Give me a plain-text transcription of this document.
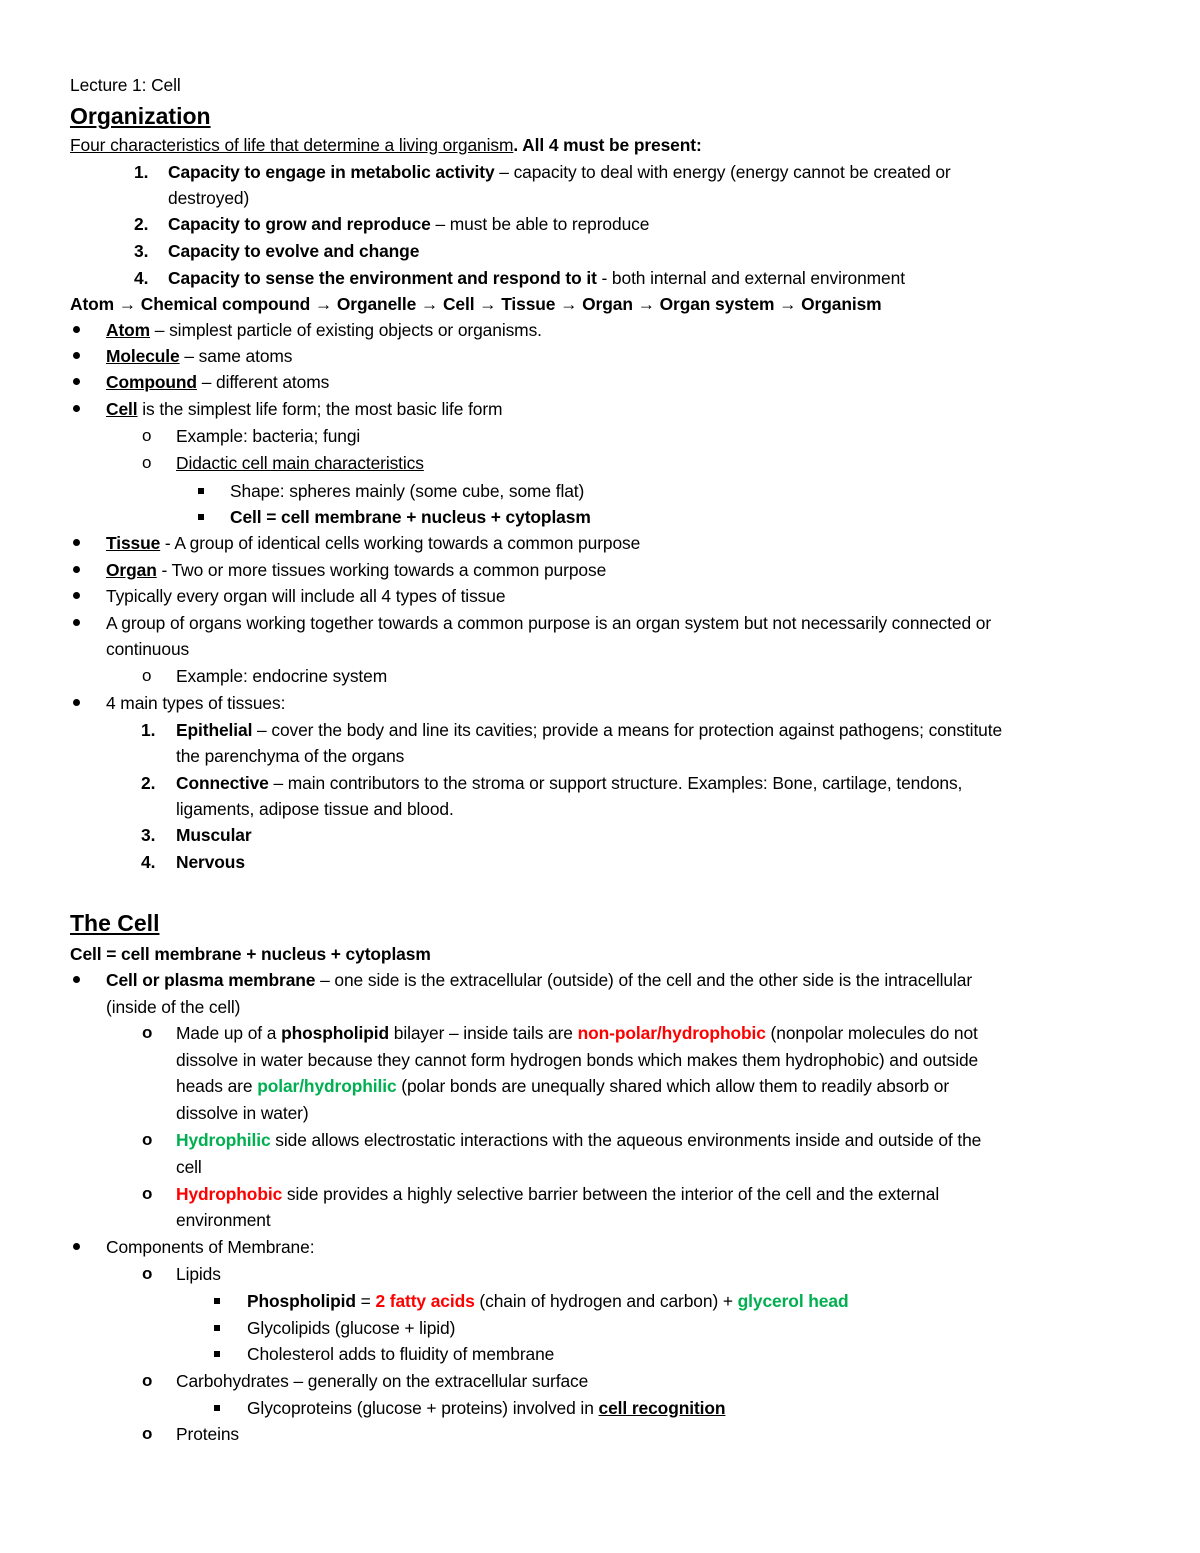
Lecture 1: Cell
Organization
Four characteristics of life that determine a living organism. All 4 must be present:
1. Capacity to engage in metabolic activity – capacity to deal with energy (energy cannot be created or
destroyed)
2. Capacity to grow and reproduce – must be able to reproduce
3. Capacity to evolve and change
4. Capacity to sense the environment and respond to it - both internal and external environment
Atom → Chemical compound → Organelle → Cell → Tissue → Organ → Organ system → Organism
Atom – simplest particle of existing objects or organisms.
Molecule – same atoms
Compound – different atoms
Cell is the simplest life form; the most basic life form
o Example: bacteria; fungi
o Didactic cell main characteristics
Shape: spheres mainly (some cube, some flat)
Cell = cell membrane + nucleus + cytoplasm
Tissue - A group of identical cells working towards a common purpose
Organ - Two or more tissues working towards a common purpose
Typically every organ will include all 4 types of tissue
A group of organs working together towards a common purpose is an organ system but not necessarily connected or
continuous
o Example: endocrine system
4 main types of tissues:
1. Epithelial – cover the body and line its cavities; provide a means for protection against pathogens; constitute
the parenchyma of the organs
2. Connective – main contributors to the stroma or support structure. Examples: Bone, cartilage, tendons,
ligaments, adipose tissue and blood.
3. Muscular
4. Nervous
The Cell
Cell = cell membrane + nucleus + cytoplasm
Cell or plasma membrane – one side is the extracellular (outside) of the cell and the other side is the intracellular
(inside of the cell)
o Made up of a phospholipid bilayer – inside tails are non-polar/hydrophobic (nonpolar molecules do not
dissolve in water because they cannot form hydrogen bonds which makes them hydrophobic) and outside
heads are polar/hydrophilic (polar bonds are unequally shared which allow them to readily absorb or
dissolve in water)
o Hydrophilic side allows electrostatic interactions with the aqueous environments inside and outside of the
cell
o Hydrophobic side provides a highly selective barrier between the interior of the cell and the external
environment
Components of Membrane:
o Lipids
Phospholipid = 2 fatty acids (chain of hydrogen and carbon) + glycerol head
Glycolipids (glucose + lipid)
Cholesterol adds to fluidity of membrane
o Carbohydrates – generally on the extracellular surface
Glycoproteins (glucose + proteins) involved in cell recognition
o Proteins
